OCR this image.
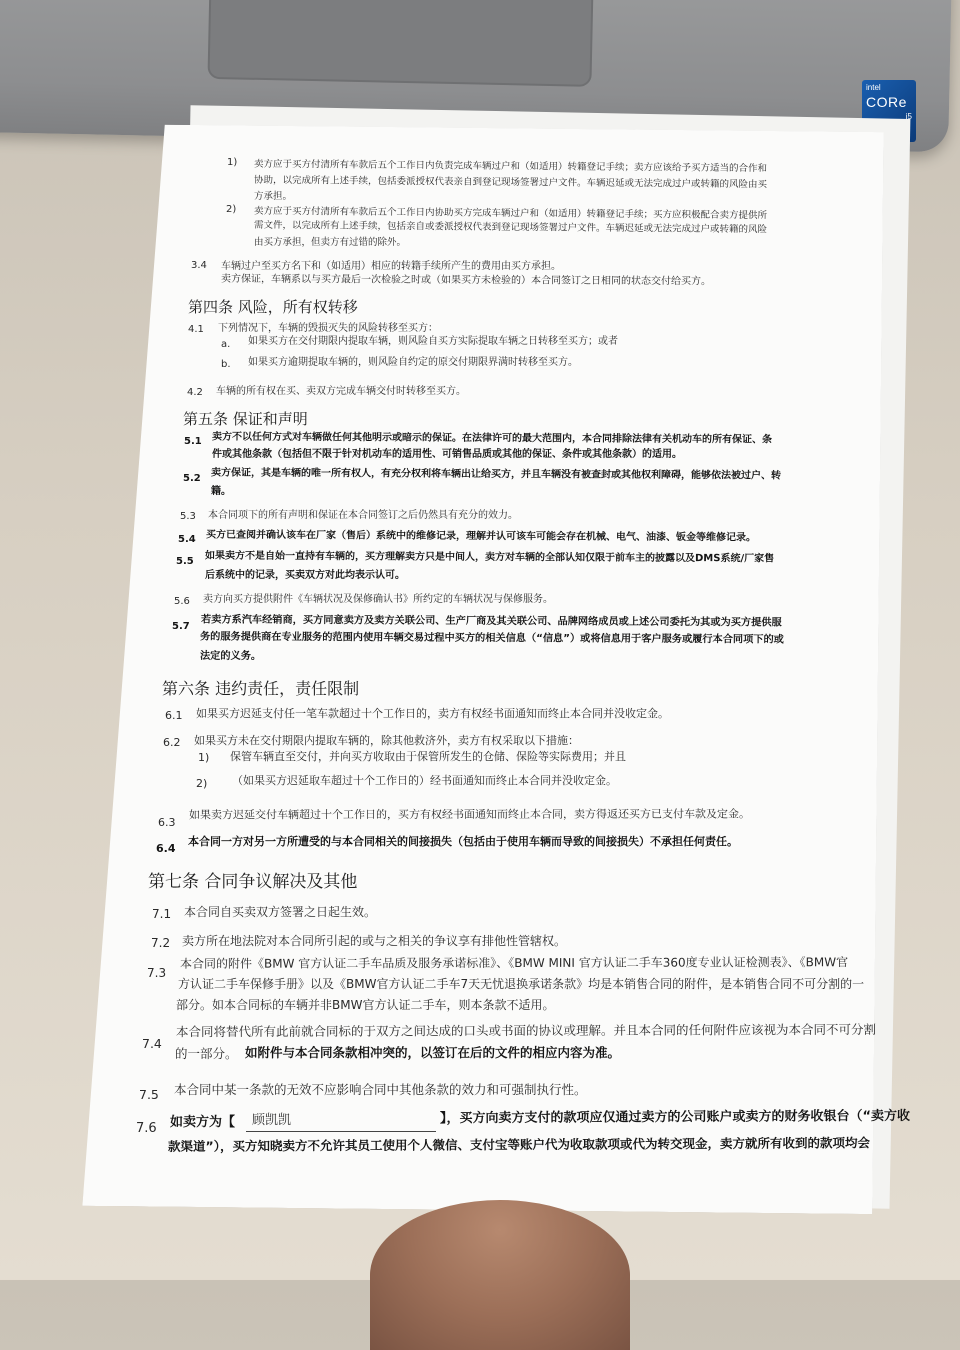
intel
CORe
i5
1) 卖方应于买方付清所有车款后五个工作日内负责完成车辆过户和（如适用）转籍登记手续；卖方应该给予买方适当的合作和
协助，以完成所有上述手续，包括委派授权代表亲自到登记现场签署过户文件。车辆迟延或无法完成过户或转籍的风险由买
方承担。
2) 卖方应于买方付清所有车款后五个工作日内协助买方完成车辆过户和（如适用）转籍登记手续；买方应积极配合卖方提供所
需文件，以完成所有上述手续，包括亲自或委派授权代表到登记现场签署过户文件。车辆迟延或无法完成过户或转籍的风险
由买方承担，但卖方有过错的除外。
3.4 车辆过户至买方名下和（如适用）相应的转籍手续所产生的费用由买方承担。
卖方保证，车辆系以与买方最后一次检验之时或（如果买方未检验的）本合同签订之日相同的状态交付给买方。
第四条 风险，所有权转移
4.1 下列情况下，车辆的毁损灭失的风险转移至买方：
a. 如果买方在交付期限内提取车辆，则风险自买方实际提取车辆之日转移至买方；或者
b. 如果买方逾期提取车辆的，则风险自约定的原交付期限界满时转移至买方。
4.2 车辆的所有权在买、卖双方完成车辆交付时转移至买方。
第五条 保证和声明
5.1 卖方不以任何方式对车辆做任何其他明示或暗示的保证。在法律许可的最大范围内，本合同排除法律有关机动车的所有保证、条
件或其他条款（包括但不限于针对机动车的适用性、可销售品质或其他的保证、条件或其他条款）的适用。
5.2 卖方保证，其是车辆的唯一所有权人，有充分权利将车辆出让给买方，并且车辆没有被查封或其他权利障碍，能够依法被过户、转
籍。
5.3 本合同项下的所有声明和保证在本合同签订之后仍然具有充分的效力。
5.4 买方已查阅并确认该车在厂家（售后）系统中的维修记录，理解并认可该车可能会存在机械、电气、油漆、钣金等维修记录。
5.5 如果卖方不是自始一直持有车辆的，买方理解卖方只是中间人，卖方对车辆的全部认知仅限于前车主的披露以及DMS系统/厂家售
后系统中的记录，买卖双方对此均表示认可。
5.6 卖方向买方提供附件《车辆状况及保修确认书》所约定的车辆状况与保修服务。
5.7 若卖方系汽车经销商，买方同意卖方及卖方关联公司、生产厂商及其关联公司、品牌网络成员或上述公司委托为其或为买方提供服
务的服务提供商在专业服务的范围内使用车辆交易过程中买方的相关信息（“信息”）或将信息用于客户服务或履行本合同项下的或
法定的义务。
第六条 违约责任，责任限制
6.1 如果买方迟延支付任一笔车款超过十个工作日的，卖方有权经书面通知而终止本合同并没收定金。
6.2 如果买方未在交付期限内提取车辆的，除其他救济外，卖方有权采取以下措施：
1) 保管车辆直至交付，并向买方收取由于保管所发生的仓储、保险等实际费用；并且
2) （如果买方迟延取车超过十个工作日的）经书面通知而终止本合同并没收定金。
6.3
如果卖方迟延交付车辆超过十个工作日的，买方有权经书面通知而终止本合同，卖方得返还买方已支付车款及定金。
6.4
本合同一方对另一方所遭受的与本合同相关的间接损失（包括由于使用车辆而导致的间接损失）不承担任何责任。
第七条 合同争议解决及其他
7.1 本合同自买卖双方签署之日起生效。
7.2 卖方所在地法院对本合同所引起的或与之相关的争议享有排他性管辖权。
7.3
本合同的附件《BMW 官方认证二手车品质及服务承诺标准》、《BMW MINI 官方认证二手车360度专业认证检测表》、《BMW官
方认证二手车保修手册》以及《BMW官方认证二手车7天无忧退换承诺条款》均是本销售合同的附件，是本销售合同不可分割的一
部分。如本合同标的车辆并非BMW官方认证二手车，则本条款不适用。
7.4
本合同将替代所有此前就合同标的于双方之间达成的口头或书面的协议或理解。并且本合同的任何附件应该视为本合同不可分割
的一部分。 如附件与本合同条款相冲突的，以签订在后的文件的相应内容为准。
7.5 本合同中某一条款的无效不应影响合同中其他条款的效力和可强制执行性。
7.6 如卖方为【 顾凯凯	】，买方向卖方支付的款项应仅通过卖方的公司账户或卖方的财务收银台（“卖方收
款渠道”），买方知晓卖方不允许其员工使用个人微信、支付宝等账户代为收取款项或代为转交现金，卖方就所有收到的款项均会
